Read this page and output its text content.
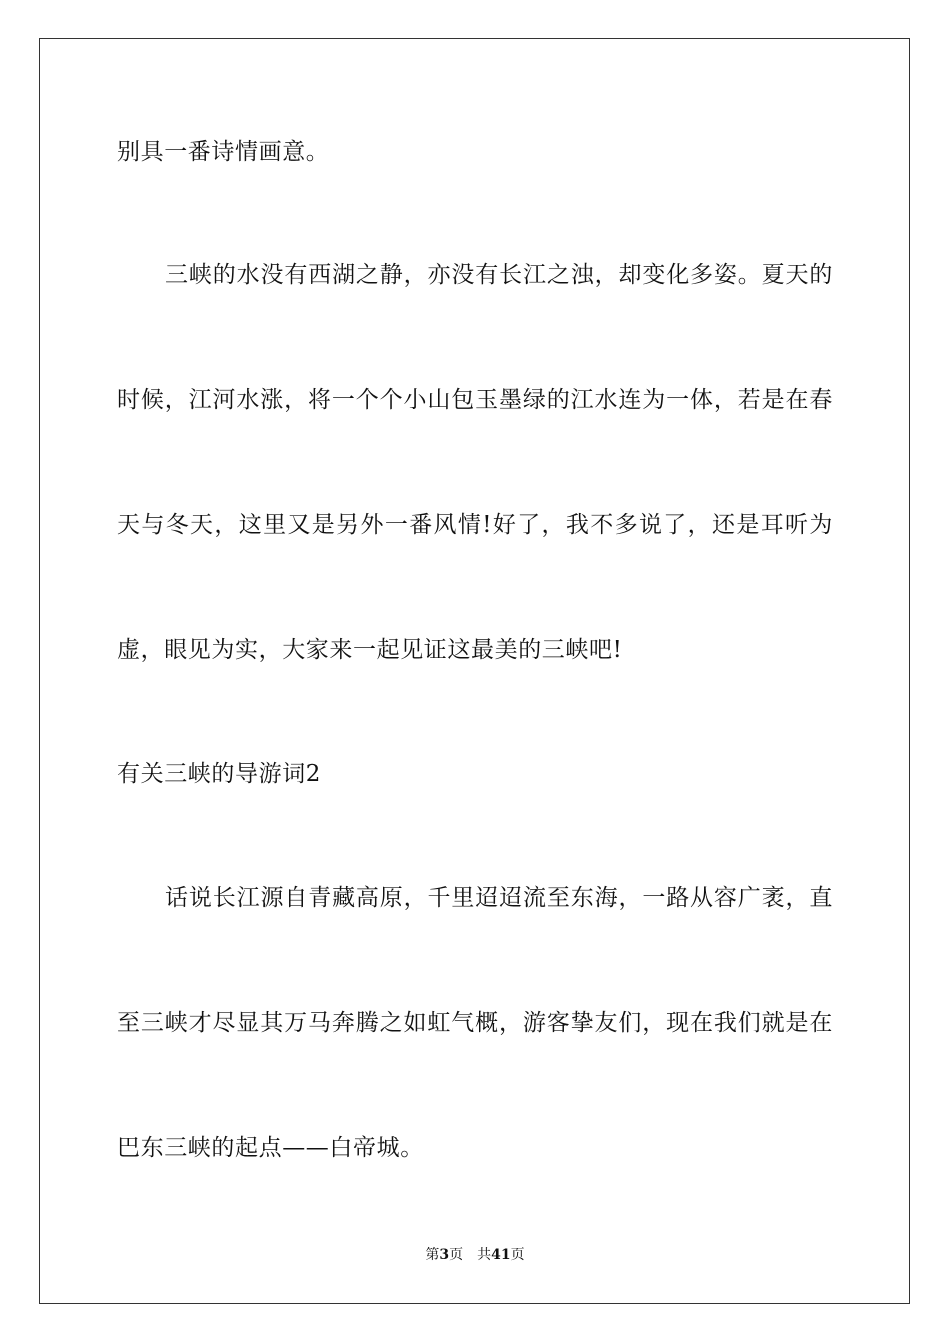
别具一番诗情画意。
三峡的水没有西湖之静，亦没有长江之浊，却变化多姿。夏天的
时候，江河水涨，将一个个小山包玉墨绿的江水连为一体，若是在春
天与冬天，这里又是另外一番风情!好了，我不多说了，还是耳听为
虚，眼见为实，大家来一起见证这最美的三峡吧!
有关三峡的导游词2
话说长江源自青藏高原，千里迢迢流至东海，一路从容广袤，直
至三峡才尽显其万马奔腾之如虹气概，游客挚友们，现在我们就是在
巴东三峡的起点——白帝城。
第3页 共41页
